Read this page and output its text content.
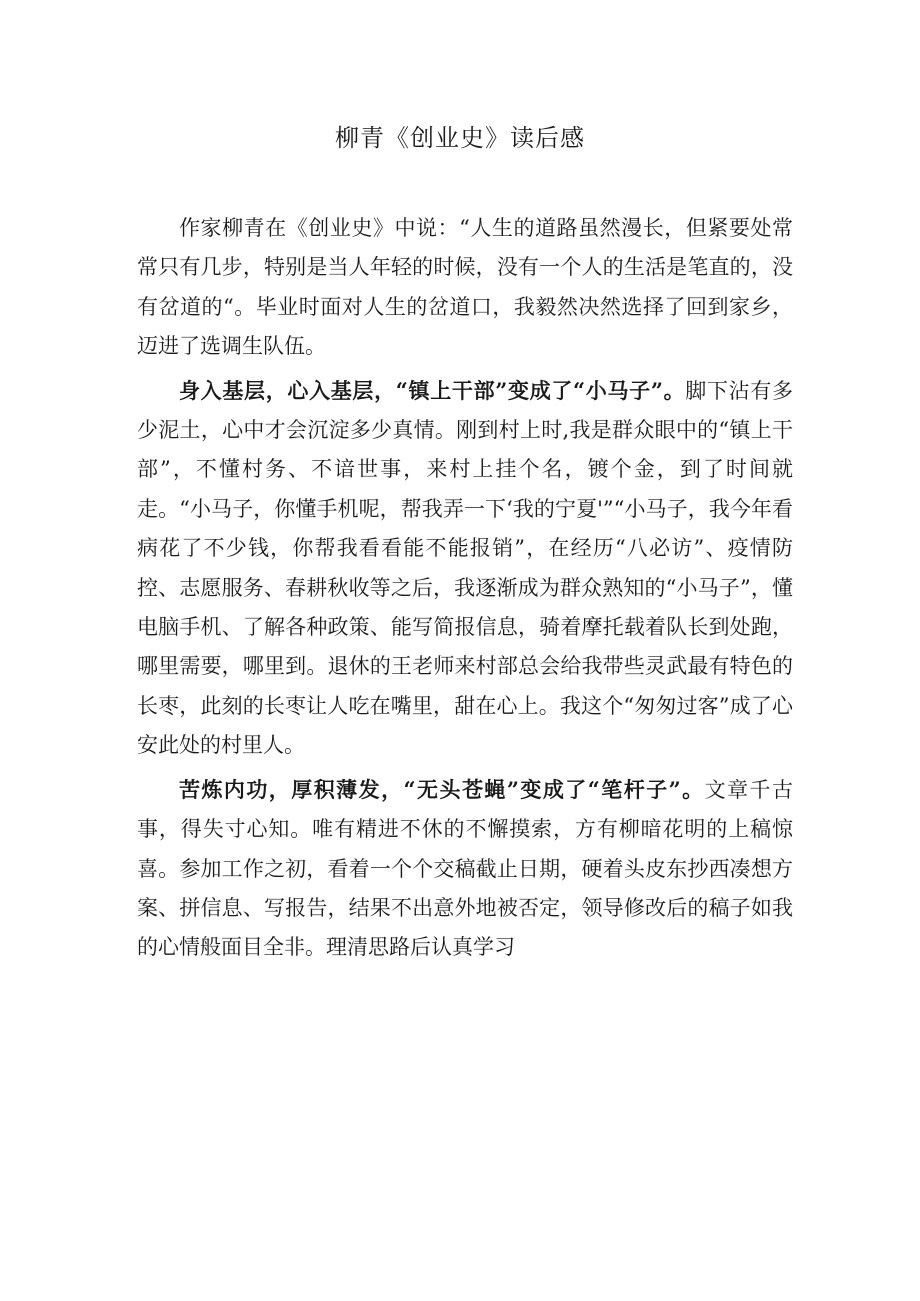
柳青《创业史》读后感

作家柳青在《创业史》中说：“人生的道路虽然漫长，但紧要处常常只有几步，特别是当人年轻的时候，没有一个人的生活是笔直的，没有岔道的“。毕业时面对人生的岔道口，我毅然决然选择了回到家乡，迈进了选调生队伍。

身入基层，心入基层，“镇上干部”变成了“小马子”。脚下沾有多少泥土，心中才会沉淀多少真情。刚到村上时,我是群众眼中的“镇上干部”，不懂村务、不谙世事，来村上挂个名，镀个金，到了时间就走。“小马子，你懂手机呢，帮我弄一下‘我的宁夏'”“小马子，我今年看病花了不少钱，你帮我看看能不能报销”，在经历“八必访”、疫情防控、志愿服务、春耕秋收等之后，我逐渐成为群众熟知的“小马子”，懂电脑手机、了解各种政策、能写简报信息，骑着摩托载着队长到处跑，哪里需要，哪里到。退休的王老师来村部总会给我带些灵武最有特色的长枣，此刻的长枣让人吃在嘴里，甜在心上。我这个“匆匆过客”成了心安此处的村里人。

苦炼内功，厚积薄发，“无头苍蝇”变成了“笔杆子”。文章千古事，得失寸心知。唯有精进不休的不懈摸索，方有柳暗花明的上稿惊喜。参加工作之初，看着一个个交稿截止日期，硬着头皮东抄西凑想方案、拼信息、写报告，结果不出意外地被否定，领导修改后的稿子如我的心情般面目全非。理清思路后认真学习
